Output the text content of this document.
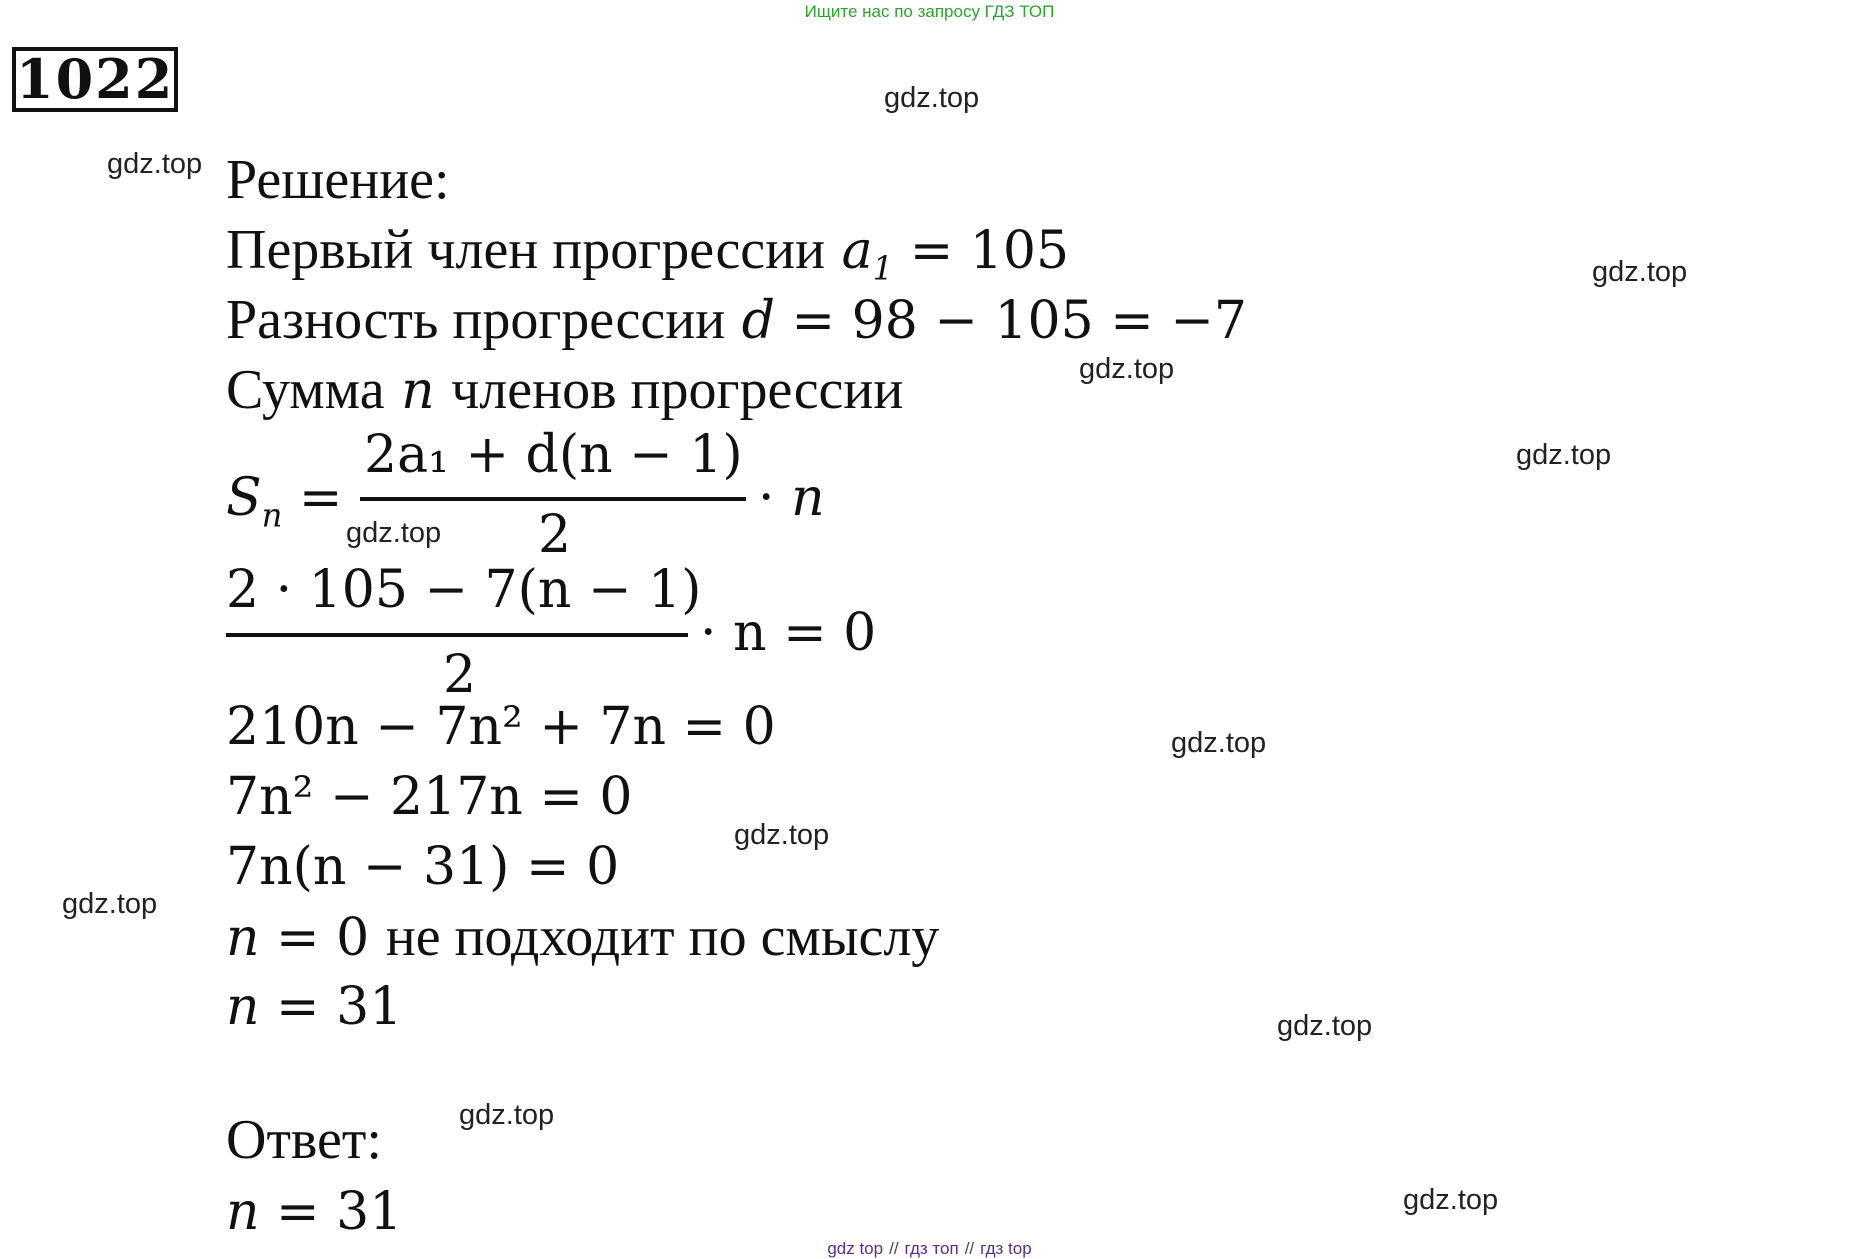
Ищите нас по запросу ГДЗ ТОП
1022	gdz.top
gdz.top
gdz.top
gdz.top
gdz.top
gdz.top
gdz.top
gdz.top
gdz.top
gdz.top
gdz.top
gdz.top
Решение:
Первый член прогрессии $a_1 = 105$
Разность прогрессии d = 98 − 105 = −7
Сумма n членов прогрессии
$S_n$ =
2a₁ + d(n − 1)
2
· n
2 · 105 − 7(n − 1)
2
· n = 0
210n − 7n² + 7n = 0
7n² − 217n = 0
7n(n − 31) = 0
n = 0 не подходит по смыслу
n = 31
Ответ:
n = 31
gdz top // гдз топ // гдз top
